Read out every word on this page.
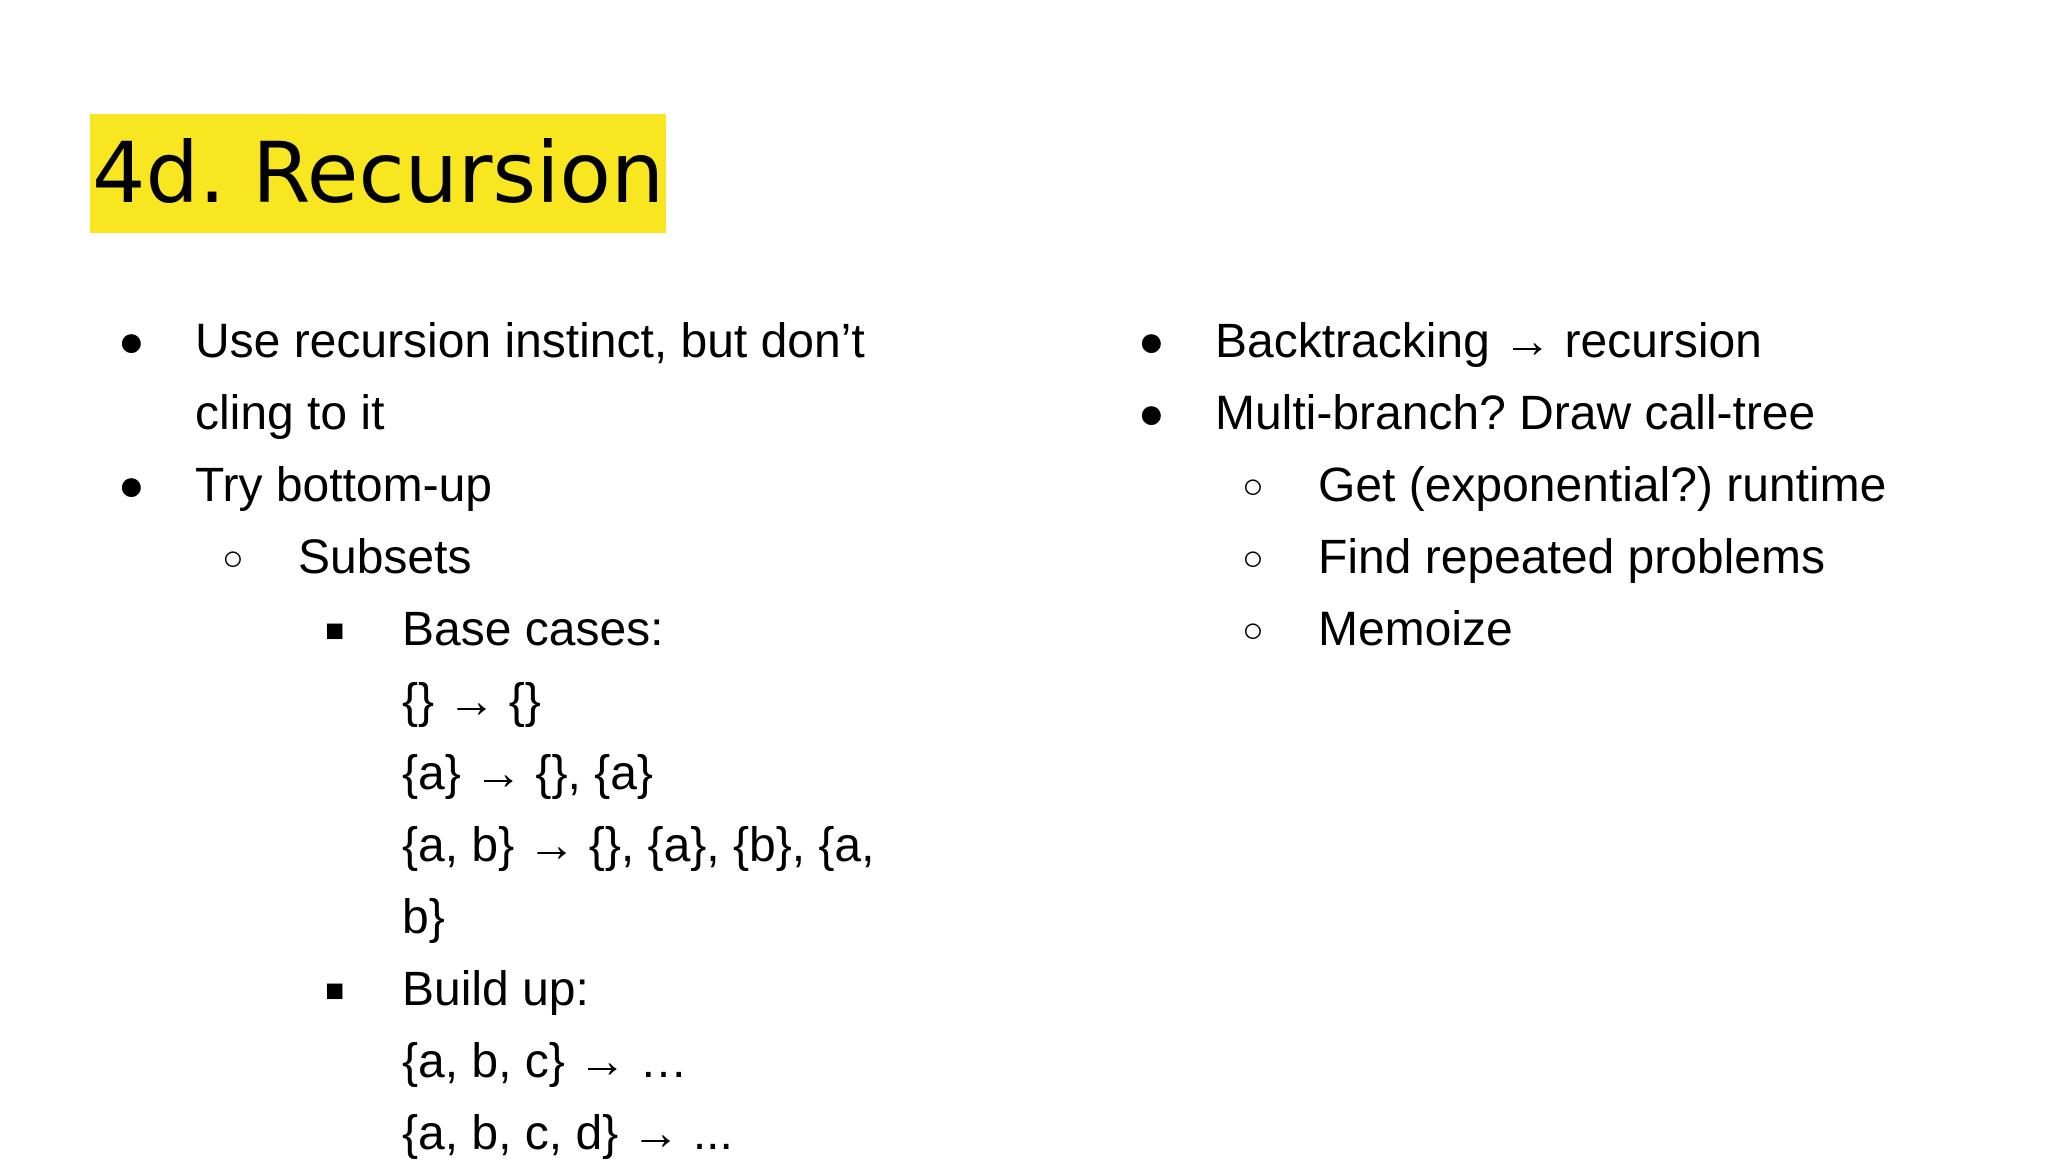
4d. Recursion
● Use recursion instinct, but don’t cling to it
● Try bottom-up
○ Subsets
■ Base cases:
{} → {}
{a} → {}, {a}
{a, b} → {}, {a}, {b}, {a, b}
■ Build up:
{a, b, c} → …
{a, b, c, d} → ...
● Backtracking → recursion
● Multi-branch? Draw call-tree
○ Get (exponential?) runtime
○ Find repeated problems
○ Memoize
